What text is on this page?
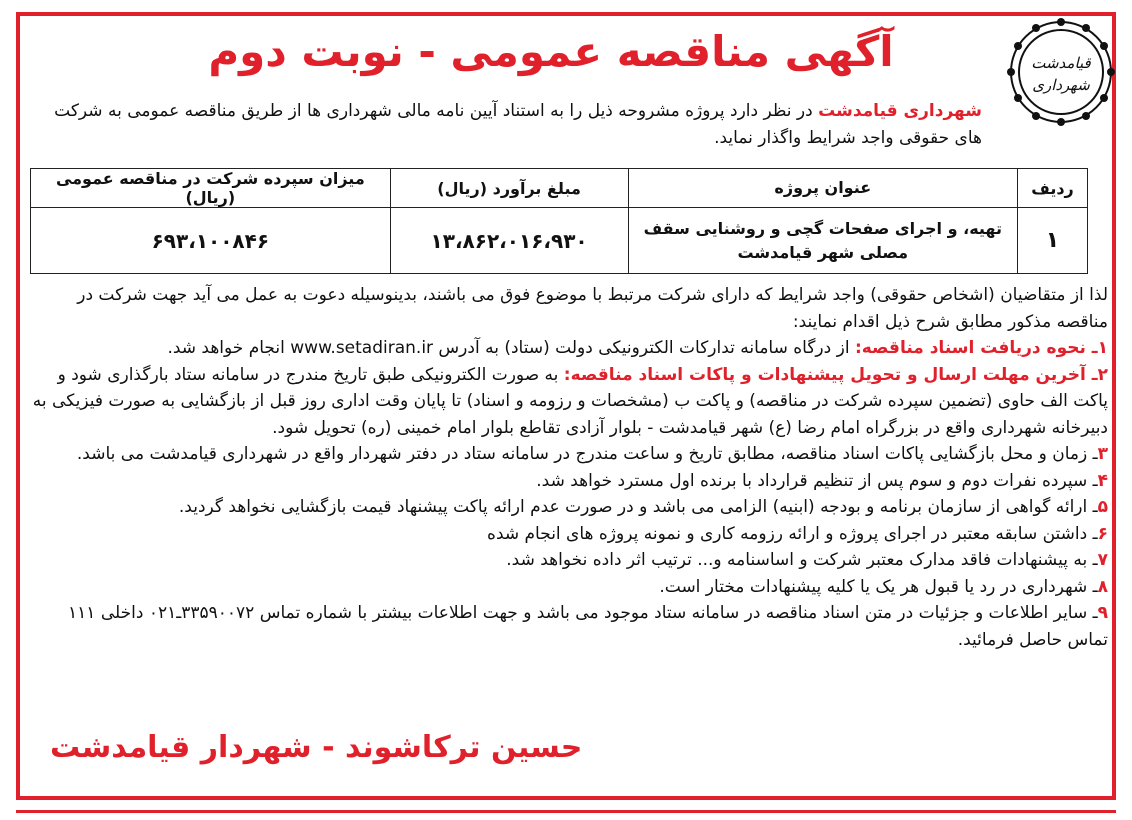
قیامدشت
شهرداری
آگهی مناقصه عمومی - نوبت دوم
شهرداری قیامدشت در نظر دارد پروژه مشروحه ذیل را به استناد آیین نامه مالی شهرداری ها از طریق مناقصه عمومی به شرکت های حقوقی واجد شرایط واگذار نماید.
ردیف	عنوان پروژه	مبلغ برآورد (ریال)	میزان سپرده شرکت در مناقصه عمومی (ریال)
۱	تهیه، و اجرای صفحات گچی و روشنایی سقف مصلی شهر قیامدشت	۱۳،۸۶۲،۰۱۶،۹۳۰	۶۹۳،۱۰۰۸۴۶

لذا از متقاضیان (اشخاص حقوقی) واجد شرایط که دارای شرکت مرتبط با موضوع فوق می باشند، بدینوسیله دعوت به عمل می آید جهت شرکت در مناقصه مذکور مطابق شرح ذیل اقدام نمایند:

۱ـ نحوه دریافت اسناد مناقصه: از درگاه سامانه تدارکات الکترونیکی دولت (ستاد) به آدرس www.setadiran.ir انجام خواهد شد.

۲ـ آخرین مهلت ارسال و تحویل پیشنهادات و پاکات اسناد مناقصه: به صورت الکترونیکی طبق تاریخ مندرج در سامانه ستاد بارگذاری شود و پاکت الف حاوی (تضمین سپرده شرکت در مناقصه) و پاکت ب (مشخصات و رزومه و اسناد) تا پایان وقت اداری روز قبل از بازگشایی به صورت فیزیکی به دبیرخانه شهرداری واقع در بزرگراه امام رضا (ع) شهر قیامدشت - بلوار آزادی تقاطع بلوار امام خمینی (ره) تحویل شود.

۳ـ زمان و محل بازگشایی پاکات اسناد مناقصه، مطابق تاریخ و ساعت مندرج در سامانه ستاد در دفتر شهردار واقع در شهرداری قیامدشت می باشد.

۴ـ سپرده نفرات دوم و سوم پس از تنظیم قرارداد با برنده اول مسترد خواهد شد.

۵ـ ارائه گواهی از سازمان برنامه و بودجه (ابنیه) الزامی می باشد و در صورت عدم ارائه پاکت پیشنهاد قیمت بازگشایی نخواهد گردید.

۶ـ داشتن سابقه معتبر در اجرای پروژه و ارائه رزومه کاری و نمونه پروژه های انجام شده

۷ـ به پیشنهادات فاقد مدارک معتبر شرکت و اساسنامه و... ترتیب اثر داده نخواهد شد.

۸ـ شهرداری در رد یا قبول هر یک یا کلیه پیشنهادات مختار است.

۹ـ سایر اطلاعات و جزئیات در متن اسناد مناقصه در سامانه ستاد موجود می باشد و جهت اطلاعات بیشتر با شماره تماس ۳۳۵۹۰۰۷۲ـ۰۲۱ داخلی ۱۱۱ تماس حاصل فرمائید.

حسین ترکاشوند - شهردار قیامدشت
